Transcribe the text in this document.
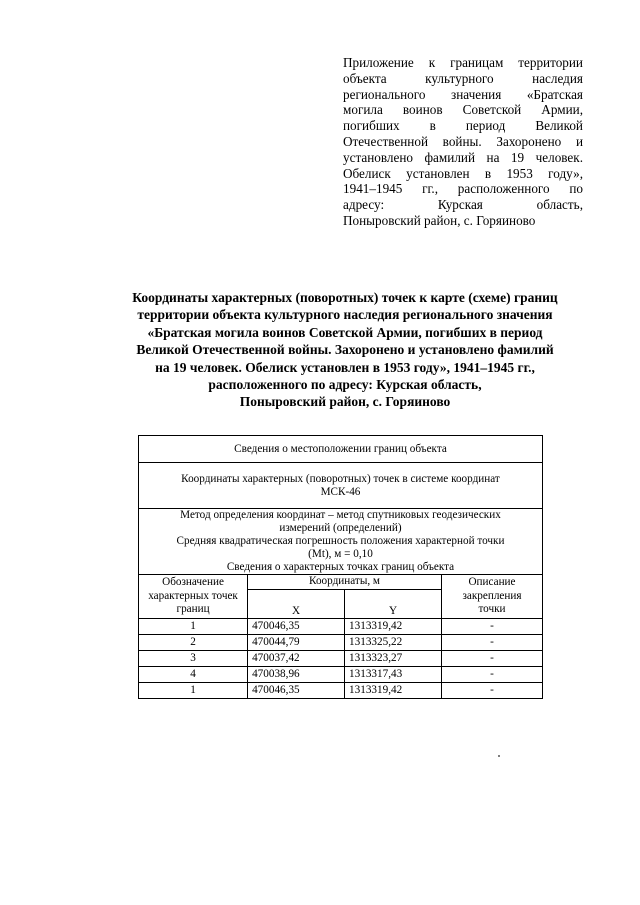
Приложение к границам территории
объекта культурного наследия
регионального значения «Братская
могила воинов Советской Армии,
погибших в период Великой
Отечественной войны. Захоронено и
установлено фамилий на 19 человек.
Обелиск установлен в 1953 году»,
1941–1945 гг., расположенного по
адресу: Курская область,
Поныровский район, с. Горяиново
Координаты характерных (поворотных) точек к карте (схеме) границ
территории объекта культурного наследия регионального значения
«Братская могила воинов Советской Армии, погибших в период
Великой Отечественной войны. Захоронено и установлено фамилий
на 19 человек. Обелиск установлен в 1953 году», 1941–1945 гг.,
расположенного по адресу: Курская область,
Поныровский район, с. Горяиново
Сведения о местоположении границ объекта			

Координаты характерных (поворотных) точек в системе координат
МСК-46			

Метод определения координат – метод спутниковых геодезических
измерений (определений)
Средняя квадратическая погрешность положения характерной точки
(Mt), м = 0,10
Сведения о характерных точках границ объекта			

Обозначение
характерных точек
границ	Координаты, м		Описание
закрепления
точки

	X	Y	
1	470046,35	1313319,42	-
2	470044,79	1313325,22	-
3	470037,42	1313323,27	-
4	470038,96	1313317,43	-
1	470046,35	1313319,42	-
